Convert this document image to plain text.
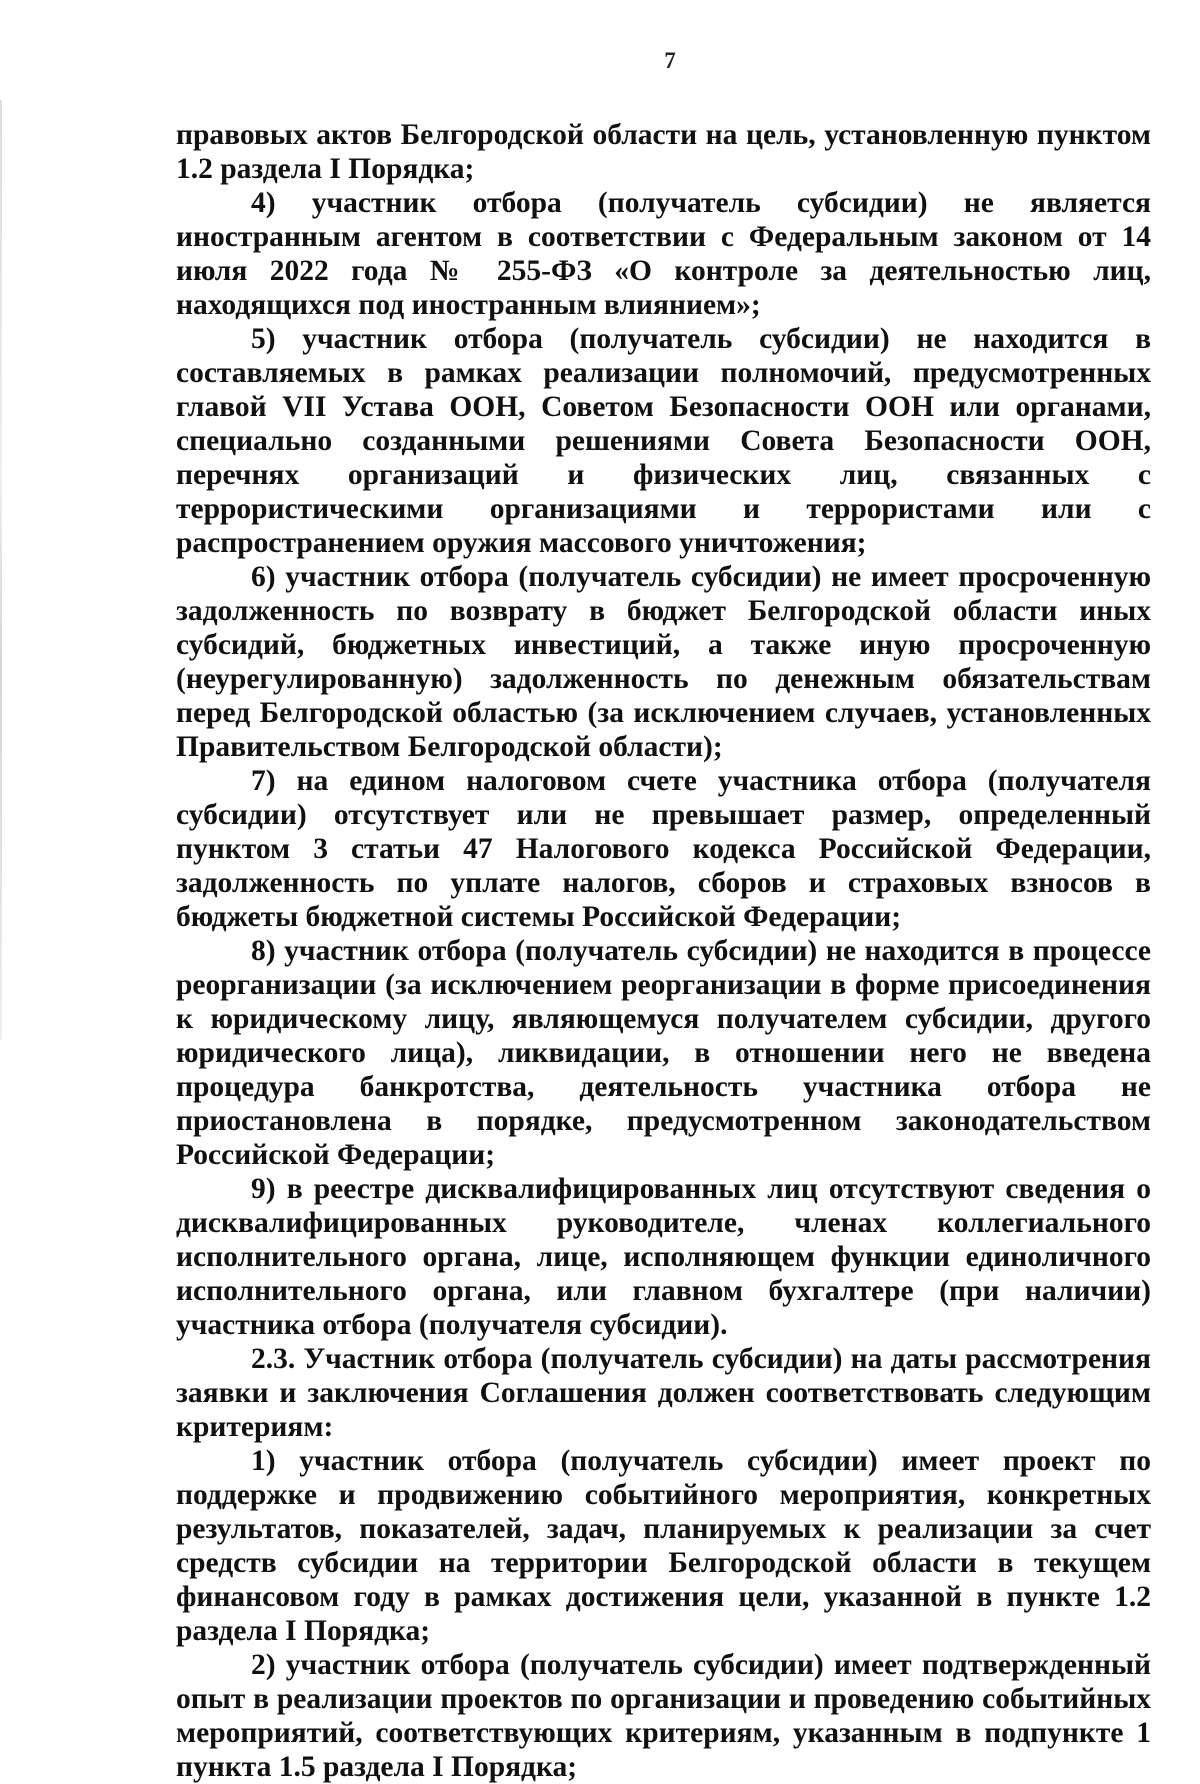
7

правовых актов Белгородской области на цель, установленную пунктом 1.2 раздела I Порядка;

4) участник отбора (получатель субсидии) не является иностранным агентом в соответствии с Федеральным законом от 14 июля 2022 года № 255-ФЗ «О контроле за деятельностью лиц, находящихся под иностранным влиянием»;

5) участник отбора (получатель субсидии) не находится в составляемых в рамках реализации полномочий, предусмотренных главой VII Устава ООН, Советом Безопасности ООН или органами, специально созданными решениями Совета Безопасности ООН, перечнях организаций и физических лиц, связанных с террористическими организациями и террористами или с распространением оружия массового уничтожения;

6) участник отбора (получатель субсидии) не имеет просроченную задолженность по возврату в бюджет Белгородской области иных субсидий, бюджетных инвестиций, а также иную просроченную (неурегулированную) задолженность по денежным обязательствам перед Белгородской областью (за исключением случаев, установленных Правительством Белгородской области);

7) на едином налоговом счете участника отбора (получателя субсидии) отсутствует или не превышает размер, определенный пунктом 3 статьи 47 Налогового кодекса Российской Федерации, задолженность по уплате налогов, сборов и страховых взносов в бюджеты бюджетной системы Российской Федерации;

8) участник отбора (получатель субсидии) не находится в процессе реорганизации (за исключением реорганизации в форме присоединения к юридическому лицу, являющемуся получателем субсидии, другого юридического лица), ликвидации, в отношении него не введена процедура банкротства, деятельность участника отбора не приостановлена в порядке, предусмотренном законодательством Российской Федерации;

9) в реестре дисквалифицированных лиц отсутствуют сведения о дисквалифицированных руководителе, членах коллегиального исполнительного органа, лице, исполняющем функции единоличного исполнительного органа, или главном бухгалтере (при наличии) участника отбора (получателя субсидии).

2.3. Участник отбора (получатель субсидии) на даты рассмотрения заявки и заключения Соглашения должен соответствовать следующим критериям:

1) участник отбора (получатель субсидии) имеет проект по поддержке и продвижению событийного мероприятия, конкретных результатов, показателей, задач, планируемых к реализации за счет средств субсидии на территории Белгородской области в текущем финансовом году в рамках достижения цели, указанной в пункте 1.2 раздела I Порядка;

2) участник отбора (получатель субсидии) имеет подтвержденный опыт в реализации проектов по организации и проведению событийных мероприятий, соответствующих критериям, указанным в подпункте 1 пункта 1.5 раздела I Порядка;
